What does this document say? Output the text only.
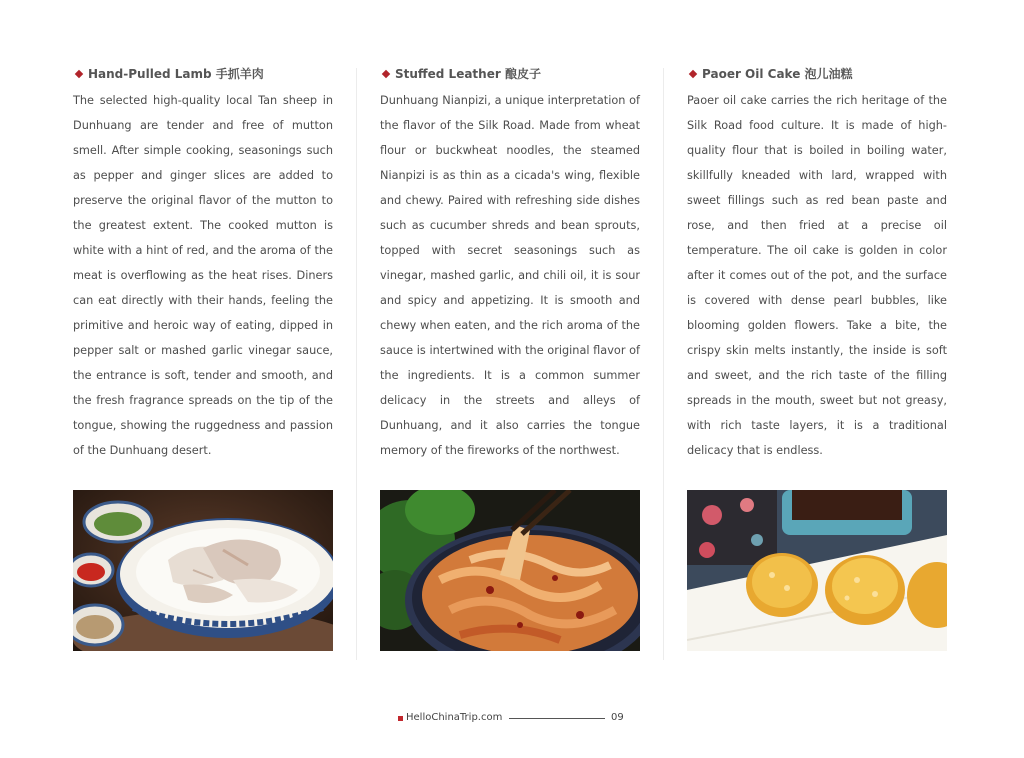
Hand-Pulled Lamb 手抓羊肉

The selected high-quality local Tan sheep in Dunhuang are tender and free of mutton smell. After simple cooking, seasonings such as pepper and ginger slices are added to preserve the original flavor of the mutton to the greatest extent. The cooked mutton is white with a hint of red, and the aroma of the meat is overflowing as the heat rises. Diners can eat directly with their hands, feeling the primitive and heroic way of eating, dipped in pepper salt or mashed garlic vinegar sauce, the entrance is soft, tender and smooth, and the fresh fragrance spreads on the tip of the tongue, showing the ruggedness and passion of the Dunhuang desert.

Stuffed Leather 酿皮子

Dunhuang Nianpizi, a unique interpretation of the flavor of the Silk Road. Made from wheat flour or buckwheat noodles, the steamed Nianpizi is as thin as a cicada's wing, flexible and chewy. Paired with refreshing side dishes such as cucumber shreds and bean sprouts, topped with secret seasonings such as vinegar, mashed garlic, and chili oil, it is sour and spicy and appetizing. It is smooth and chewy when eaten, and the rich aroma of the sauce is intertwined with the original flavor of the ingredients. It is a common summer delicacy in the streets and alleys of Dunhuang, and it also carries the tongue memory of the fireworks of the northwest.

Paoer Oil Cake 泡儿油糕

Paoer oil cake carries the rich heritage of the Silk Road food culture. It is made of high-quality flour that is boiled in boiling water, skillfully kneaded with lard, wrapped with sweet fillings such as red bean paste and rose, and then fried at a precise oil temperature. The oil cake is golden in color after it comes out of the pot, and the surface is covered with dense pearl bubbles, like blooming golden flowers. Take a bite, the crispy skin melts instantly, the inside is soft and sweet, and the rich taste of the filling spreads in the mouth, sweet but not greasy, with rich taste layers, it is a traditional delicacy that is endless.

HelloChinaTrip.com	09
